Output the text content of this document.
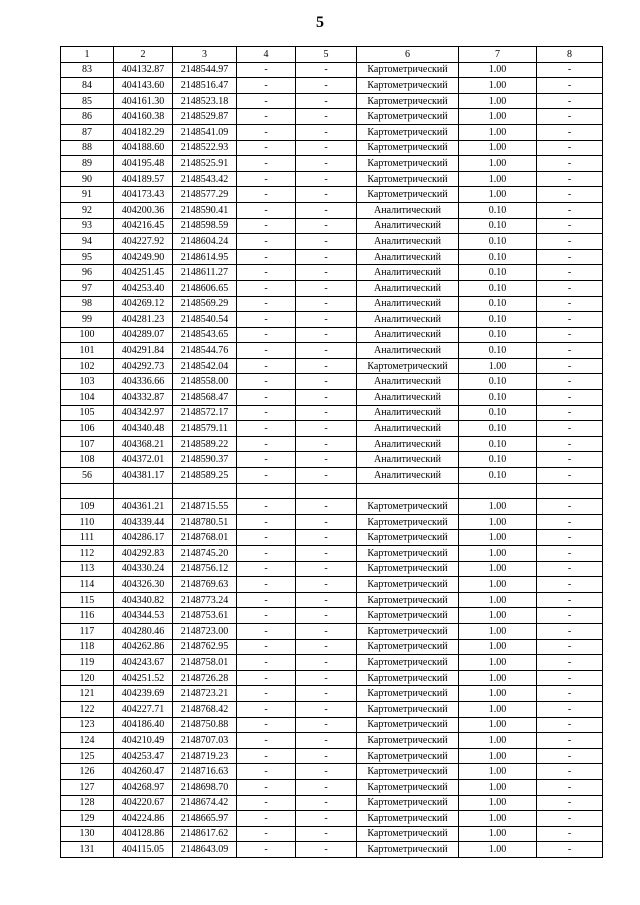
5
1	2	3	4	5	6	7	8
83	404132.87	2148544.97	-	-	Картометрический	1.00	-
84	404143.60	2148516.47	-	-	Картометрический	1.00	-
85	404161.30	2148523.18	-	-	Картометрический	1.00	-
86	404160.38	2148529.87	-	-	Картометрический	1.00	-
87	404182.29	2148541.09	-	-	Картометрический	1.00	-
88	404188.60	2148522.93	-	-	Картометрический	1.00	-
89	404195.48	2148525.91	-	-	Картометрический	1.00	-
90	404189.57	2148543.42	-	-	Картометрический	1.00	-
91	404173.43	2148577.29	-	-	Картометрический	1.00	-
92	404200.36	2148590.41	-	-	Аналитический	0.10	-
93	404216.45	2148598.59	-	-	Аналитический	0.10	-
94	404227.92	2148604.24	-	-	Аналитический	0.10	-
95	404249.90	2148614.95	-	-	Аналитический	0.10	-
96	404251.45	2148611.27	-	-	Аналитический	0.10	-
97	404253.40	2148606.65	-	-	Аналитический	0.10	-
98	404269.12	2148569.29	-	-	Аналитический	0.10	-
99	404281.23	2148540.54	-	-	Аналитический	0.10	-
100	404289.07	2148543.65	-	-	Аналитический	0.10	-
101	404291.84	2148544.76	-	-	Аналитический	0.10	-
102	404292.73	2148542.04	-	-	Картометрический	1.00	-
103	404336.66	2148558.00	-	-	Аналитический	0.10	-
104	404332.87	2148568.47	-	-	Аналитический	0.10	-
105	404342.97	2148572.17	-	-	Аналитический	0.10	-
106	404340.48	2148579.11	-	-	Аналитический	0.10	-
107	404368.21	2148589.22	-	-	Аналитический	0.10	-
108	404372.01	2148590.37	-	-	Аналитический	0.10	-
56	404381.17	2148589.25	-	-	Аналитический	0.10	-

109	404361.21	2148715.55	-	-	Картометрический	1.00	-
110	404339.44	2148780.51	-	-	Картометрический	1.00	-
111	404286.17	2148768.01	-	-	Картометрический	1.00	-
112	404292.83	2148745.20	-	-	Картометрический	1.00	-
113	404330.24	2148756.12	-	-	Картометрический	1.00	-
114	404326.30	2148769.63	-	-	Картометрический	1.00	-
115	404340.82	2148773.24	-	-	Картометрический	1.00	-
116	404344.53	2148753.61	-	-	Картометрический	1.00	-
117	404280.46	2148723.00	-	-	Картометрический	1.00	-
118	404262.86	2148762.95	-	-	Картометрический	1.00	-
119	404243.67	2148758.01	-	-	Картометрический	1.00	-
120	404251.52	2148726.28	-	-	Картометрический	1.00	-
121	404239.69	2148723.21	-	-	Картометрический	1.00	-
122	404227.71	2148768.42	-	-	Картометрический	1.00	-
123	404186.40	2148750.88	-	-	Картометрический	1.00	-
124	404210.49	2148707.03	-	-	Картометрический	1.00	-
125	404253.47	2148719.23	-	-	Картометрический	1.00	-
126	404260.47	2148716.63	-	-	Картометрический	1.00	-
127	404268.97	2148698.70	-	-	Картометрический	1.00	-
128	404220.67	2148674.42	-	-	Картометрический	1.00	-
129	404224.86	2148665.97	-	-	Картометрический	1.00	-
130	404128.86	2148617.62	-	-	Картометрический	1.00	-
131	404115.05	2148643.09	-	-	Картометрический	1.00	-
